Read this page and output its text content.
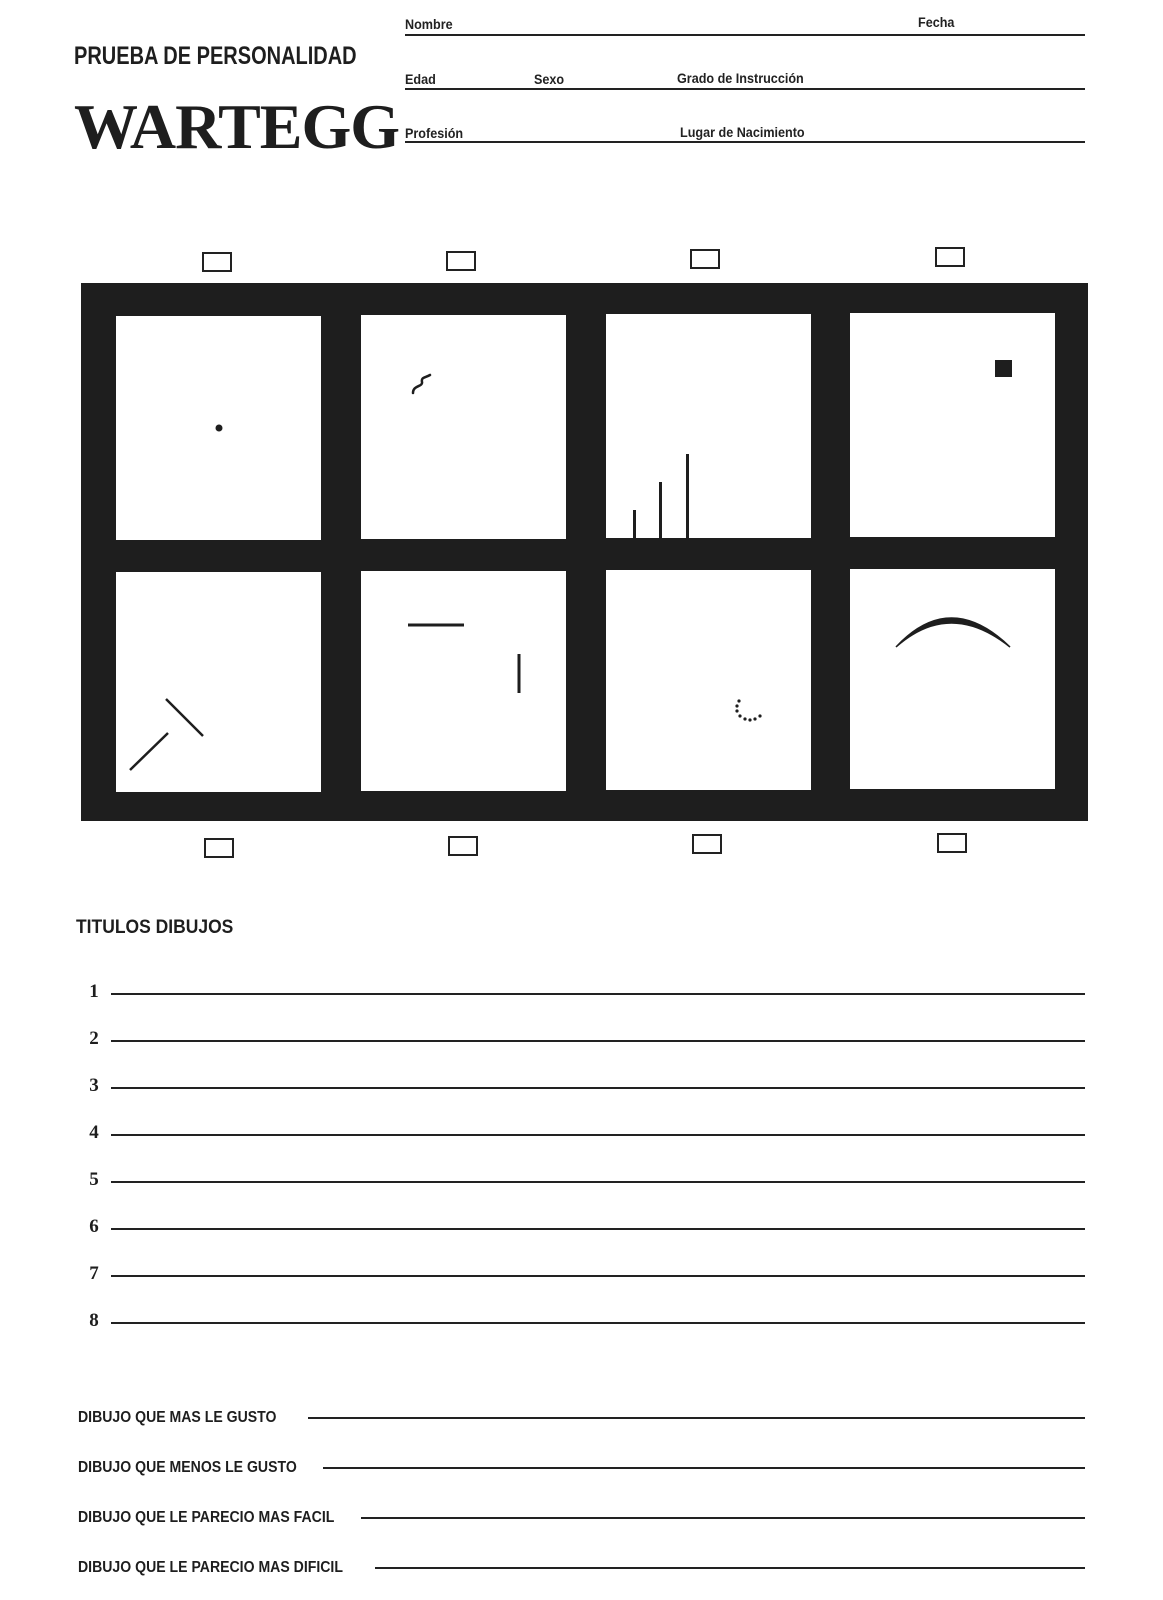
PRUEBA DE PERSONALIDAD
WARTEGG
Nombre	Fecha
Edad	Sexo	Grado de Instrucción
Profesión	Lugar de Nacimiento
TITULOS DIBUJOS
1
2
3
4
5
6
7
8
DIBUJO QUE MAS LE GUSTO
DIBUJO QUE MENOS LE GUSTO
DIBUJO QUE LE PARECIO MAS FACIL
DIBUJO QUE LE PARECIO MAS DIFICIL
